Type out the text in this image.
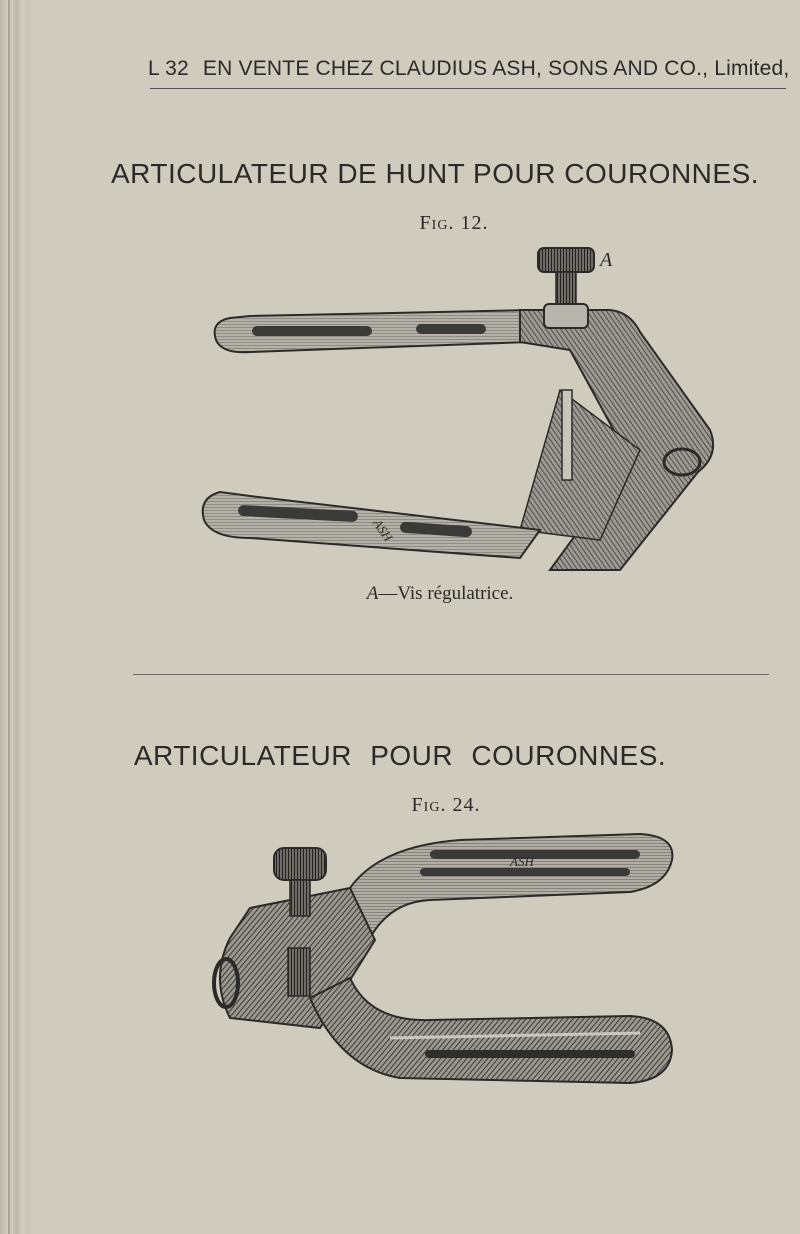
L 32 EN VENTE CHEZ CLAUDIUS ASH, SONS AND CO., Limited,
ARTICULATEUR DE HUNT POUR COURONNES.
Fig. 12.
ASH
A
A—Vis régulatrice.
ARTICULATEUR POUR COURONNES.
Fig. 24.
ASH
